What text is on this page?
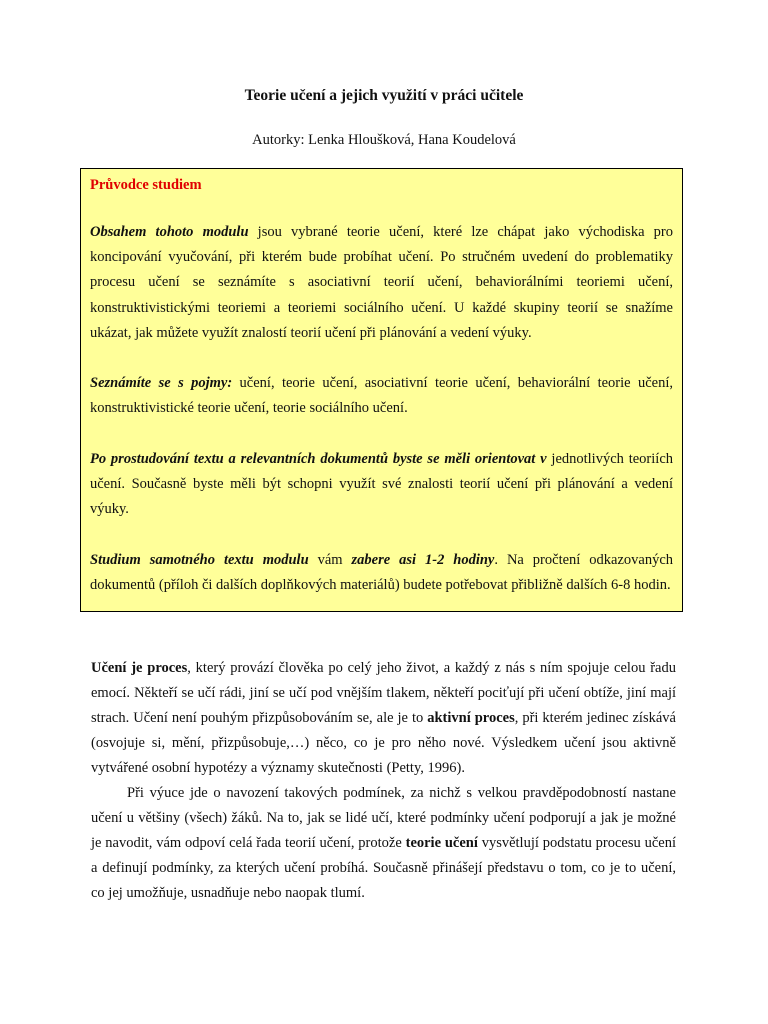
Teorie učení a jejich využití v práci učitele
Autorky: Lenka Hloušková, Hana Koudelová
Průvodce studiem

Obsahem tohoto modulu jsou vybrané teorie učení, které lze chápat jako východiska pro koncipování vyučování, při kterém bude probíhat učení. Po stručném uvedení do problematiky procesu učení se seznámíte s asociativní teorií učení, behaviorálními teoriemi učení, konstruktivistickými teoriemi a teoriemi sociálního učení. U každé skupiny teorií se snažíme ukázat, jak můžete využít znalostí teorií učení při plánování a vedení výuky.

Seznámíte se s pojmy: učení, teorie učení, asociativní teorie učení, behaviorální teorie učení, konstruktivistické teorie učení, teorie sociálního učení.

Po prostudování textu a relevantních dokumentů byste se měli orientovat v jednotlivých teoriích učení. Současně byste měli být schopni využít své znalosti teorií učení při plánování a vedení výuky.

Studium samotného textu modulu vám zabere asi 1-2 hodiny. Na pročtení odkazovaných dokumentů (příloh či dalších doplňkových materiálů) budete potřebovat přibližně dalších 6-8 hodin.

Učení je proces, který provází člověka po celý jeho život, a každý z nás s ním spojuje celou řadu emocí. Někteří se učí rádi, jiní se učí pod vnějším tlakem, někteří pociťují při učení obtíže, jiní mají strach. Učení není pouhým přizpůsobováním se, ale je to aktivní proces, při kterém jedinec získává (osvojuje si, mění, přizpůsobuje,…) něco, co je pro něho nové. Výsledkem učení jsou aktivně vytvářené osobní hypotézy a významy skutečnosti (Petty, 1996).

Při výuce jde o navození takových podmínek, za nichž s velkou pravděpodobností nastane učení u většiny (všech) žáků. Na to, jak se lidé učí, které podmínky učení podporují a jak je možné je navodit, vám odpoví celá řada teorií učení, protože teorie učení vysvětlují podstatu procesu učení a definují podmínky, za kterých učení probíhá. Současně přinášejí představu o tom, co je to učení, co jej umožňuje, usnadňuje nebo naopak tlumí.
